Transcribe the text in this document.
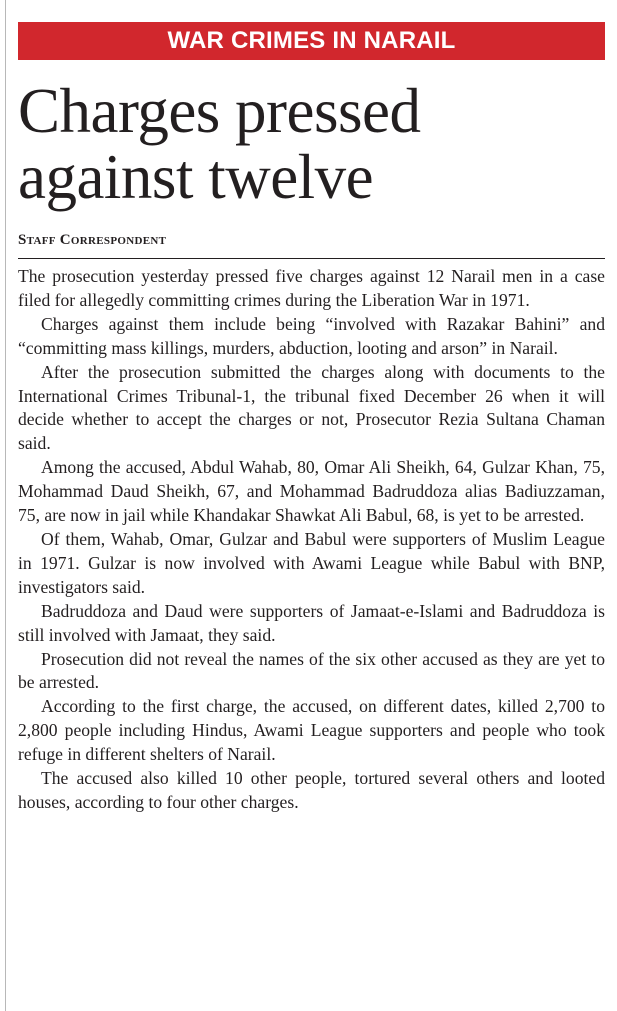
WAR CRIMES IN NARAIL
Charges pressed
against twelve
Staff Correspondent

The prosecution yesterday pressed five charges against 12 Narail men in a case filed for allegedly committing crimes during the Liberation War in 1971.

Charges against them include being “involved with Razakar Bahini” and “committing mass killings, murders, abduction, looting and arson” in Narail.

After the prosecution submitted the charges along with documents to the International Crimes Tribunal-1, the tribunal fixed December 26 when it will decide whether to accept the charges or not, Prosecutor Rezia Sultana Chaman said.

Among the accused, Abdul Wahab, 80, Omar Ali Sheikh, 64, Gulzar Khan, 75, Mohammad Daud Sheikh, 67, and Mohammad Badruddoza alias Badiuzzaman, 75, are now in jail while Khandakar Shawkat Ali Babul, 68, is yet to be arrested.

Of them, Wahab, Omar, Gulzar and Babul were supporters of Muslim League in 1971. Gulzar is now involved with Awami League while Babul with BNP, investigators said.

Badruddoza and Daud were supporters of Jamaat-e-Islami and Badruddoza is still involved with Jamaat, they said.

Prosecution did not reveal the names of the six other accused as they are yet to be arrested.

According to the first charge, the accused, on different dates, killed 2,700 to 2,800 people including Hindus, Awami League supporters and people who took refuge in different shelters of Narail.

The accused also killed 10 other people, tortured several others and looted houses, according to four other charges.
